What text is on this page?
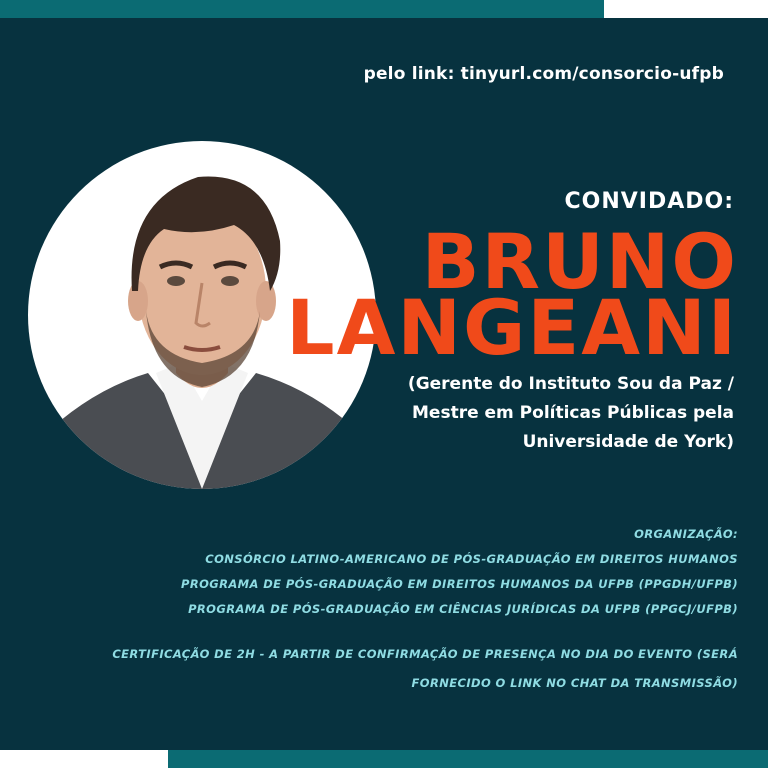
pelo link: tinyurl.com/consorcio-ufpb
CONVIDADO:
BRUNO
LANGEANI
(Gerente do Instituto Sou da Paz /
Mestre em Políticas Públicas pela
Universidade de York)
ORGANIZAÇÃO:
CONSÓRCIO LATINO-AMERICANO DE PÓS-GRADUAÇÃO EM DIREITOS HUMANOS
PROGRAMA DE PÓS-GRADUAÇÃO EM DIREITOS HUMANOS DA UFPB (PPGDH/UFPB)
PROGRAMA DE PÓS-GRADUAÇÃO EM CIÊNCIAS JURÍDICAS DA UFPB (PPGCJ/UFPB)
CERTIFICAÇÃO DE 2H - A PARTIR DE CONFIRMAÇÃO DE PRESENÇA NO DIA DO EVENTO (SERÁ
FORNECIDO O LINK NO CHAT DA TRANSMISSÃO)
